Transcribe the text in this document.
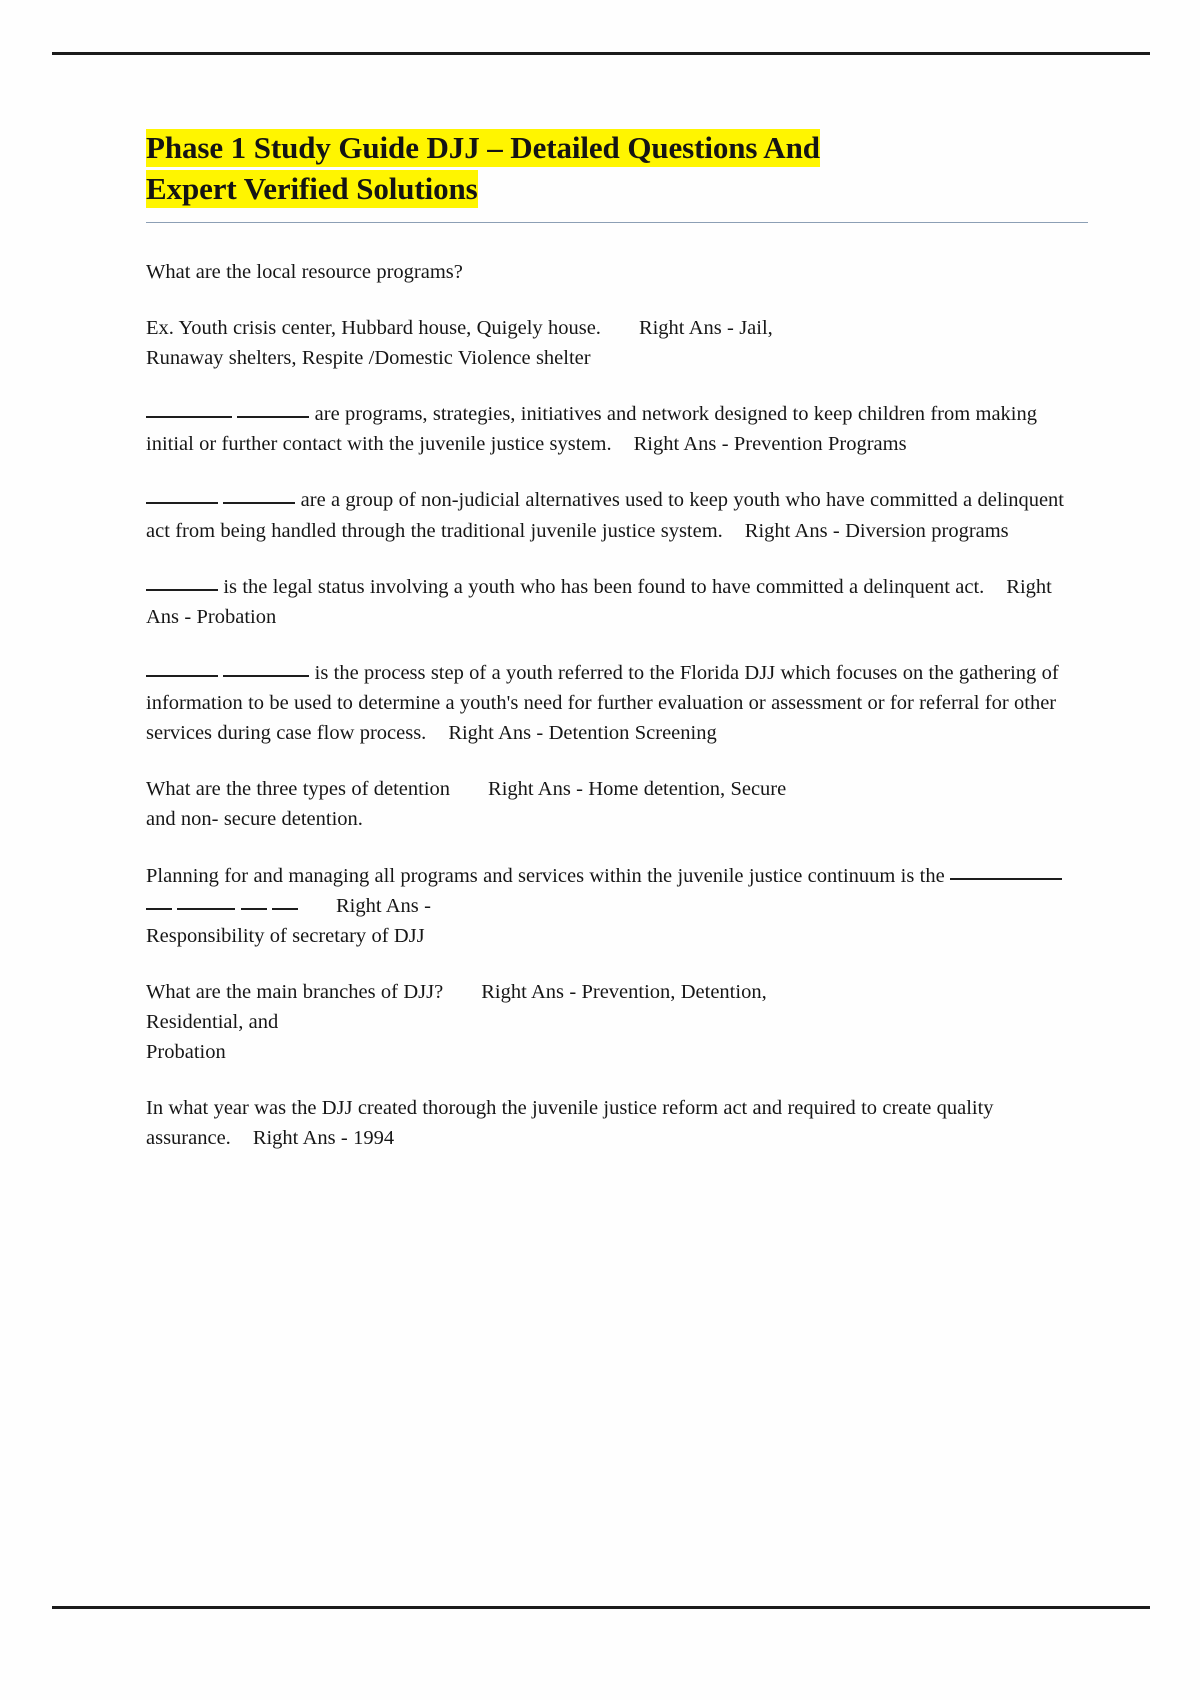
Phase 1 Study Guide DJJ – Detailed Questions And
Expert Verified Solutions

What are the local resource programs?

Ex. Youth crisis center, Hubbard house, Quigely house. Right Ans - Jail,
Runaway shelters, Respite /Domestic Violence shelter

are programs, strategies, initiatives and network designed to keep children from making initial or further contact with the juvenile justice system. Right Ans - Prevention Programs

are a group of non-judicial alternatives used to keep youth who have committed a delinquent act from being handled through the traditional juvenile justice system. Right Ans - Diversion programs

is the legal status involving a youth who has been found to have committed a delinquent act. Right Ans - Probation

is the process step of a youth referred to the Florida DJJ which focuses on the gathering of information to be used to determine a youth's need for further evaluation or assessment or for referral for other services during case flow process. Right Ans - Detention Screening

What are the three types of detention Right Ans - Home detention, Secure
and non- secure detention.

Planning for and managing all programs and services within the juvenile justice continuum is the     Right Ans -
Responsibility of secretary of DJJ

What are the main branches of DJJ? Right Ans - Prevention, Detention,
Residential, and
Probation

In what year was the DJJ created thorough the juvenile justice reform act and required to create quality assurance. Right Ans - 1994
